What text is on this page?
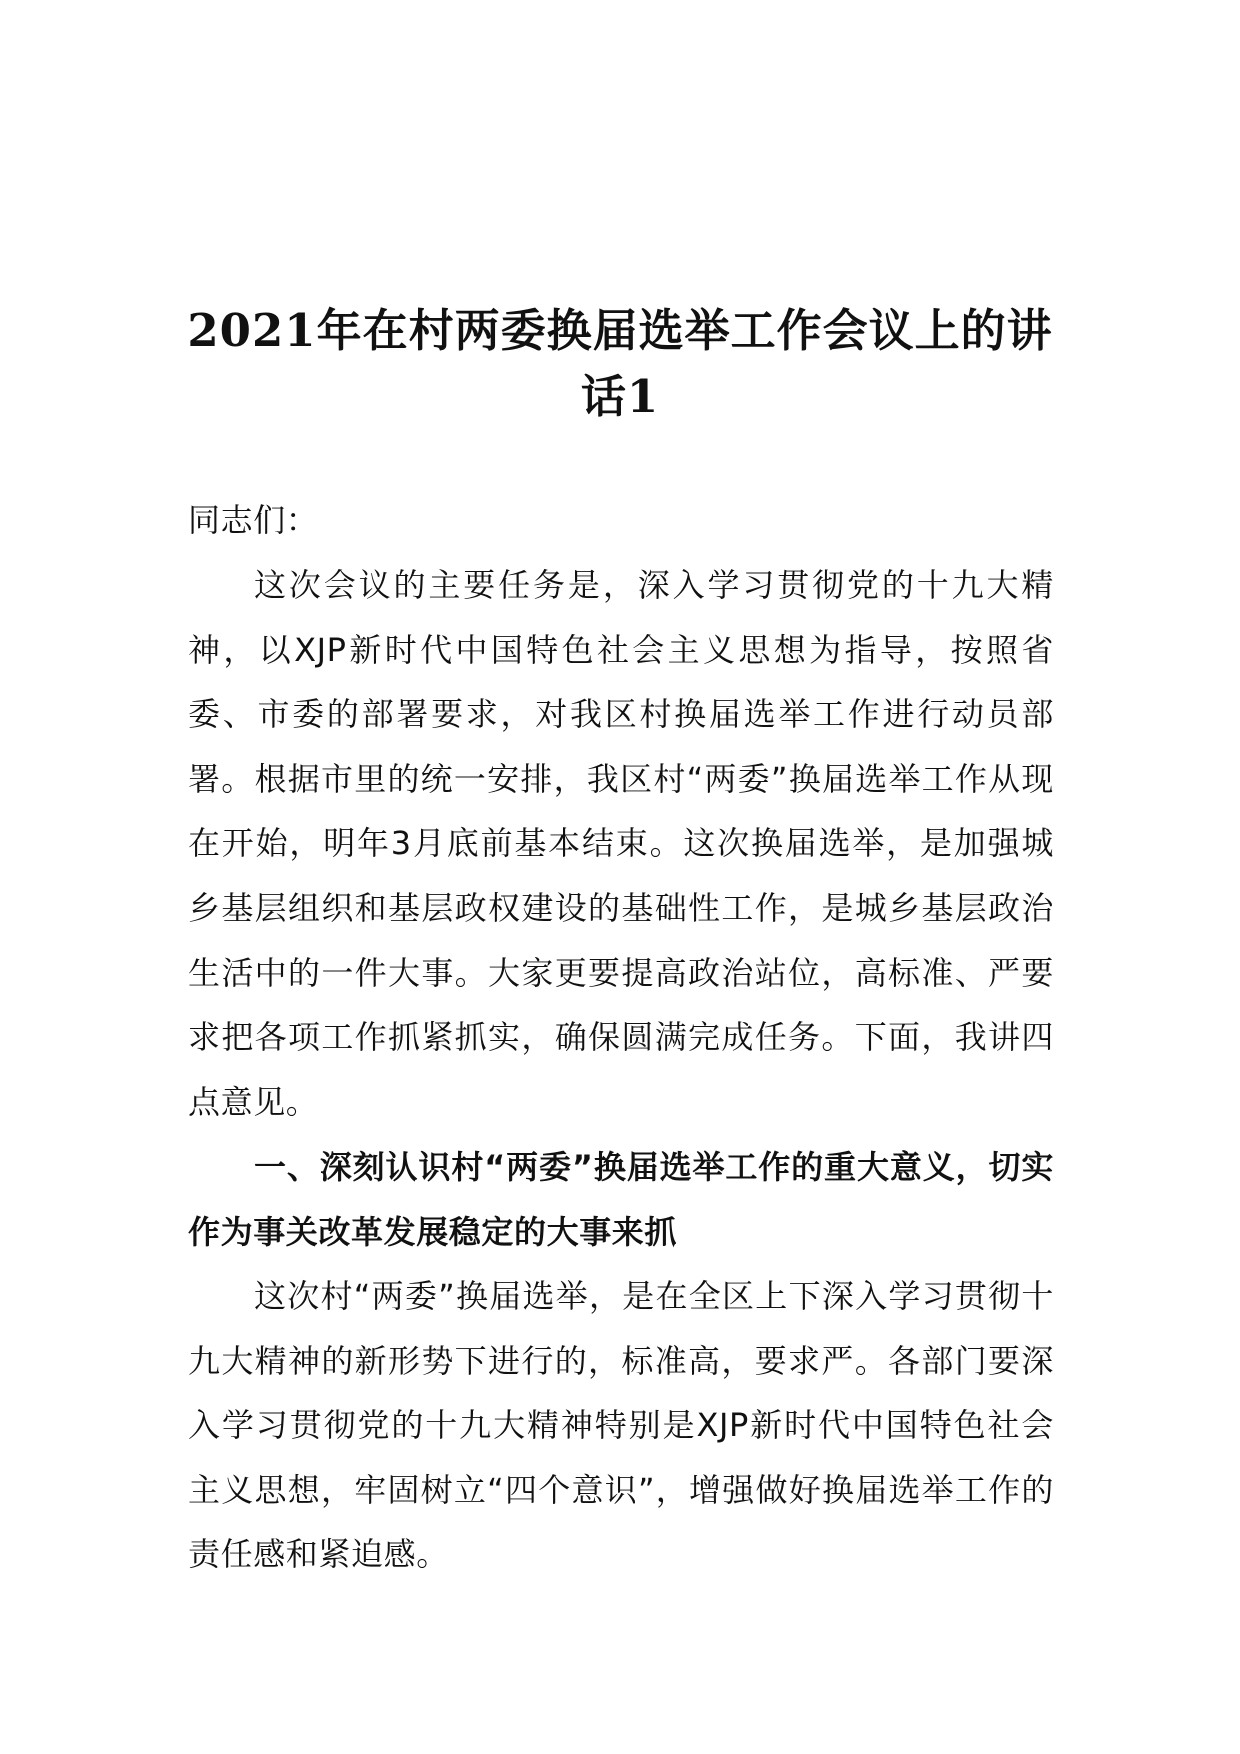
2021年在村两委换届选举工作会议上的讲话1

同志们：

这次会议的主要任务是，深入学习贯彻党的十九大精神，以XJP新时代中国特色社会主义思想为指导，按照省委、市委的部署要求，对我区村换届选举工作进行动员部署。根据市里的统一安排，我区村“两委”换届选举工作从现在开始，明年3月底前基本结束。这次换届选举，是加强城乡基层组织和基层政权建设的基础性工作，是城乡基层政治生活中的一件大事。大家更要提高政治站位，高标准、严要求把各项工作抓紧抓实，确保圆满完成任务。下面，我讲四点意见。

一、深刻认识村“两委”换届选举工作的重大意义，切实作为事关改革发展稳定的大事来抓

这次村“两委”换届选举，是在全区上下深入学习贯彻十九大精神的新形势下进行的，标准高，要求严。各部门要深入学习贯彻党的十九大精神特别是XJP新时代中国特色社会主义思想，牢固树立“四个意识”，增强做好换届选举工作的责任感和紧迫感。
